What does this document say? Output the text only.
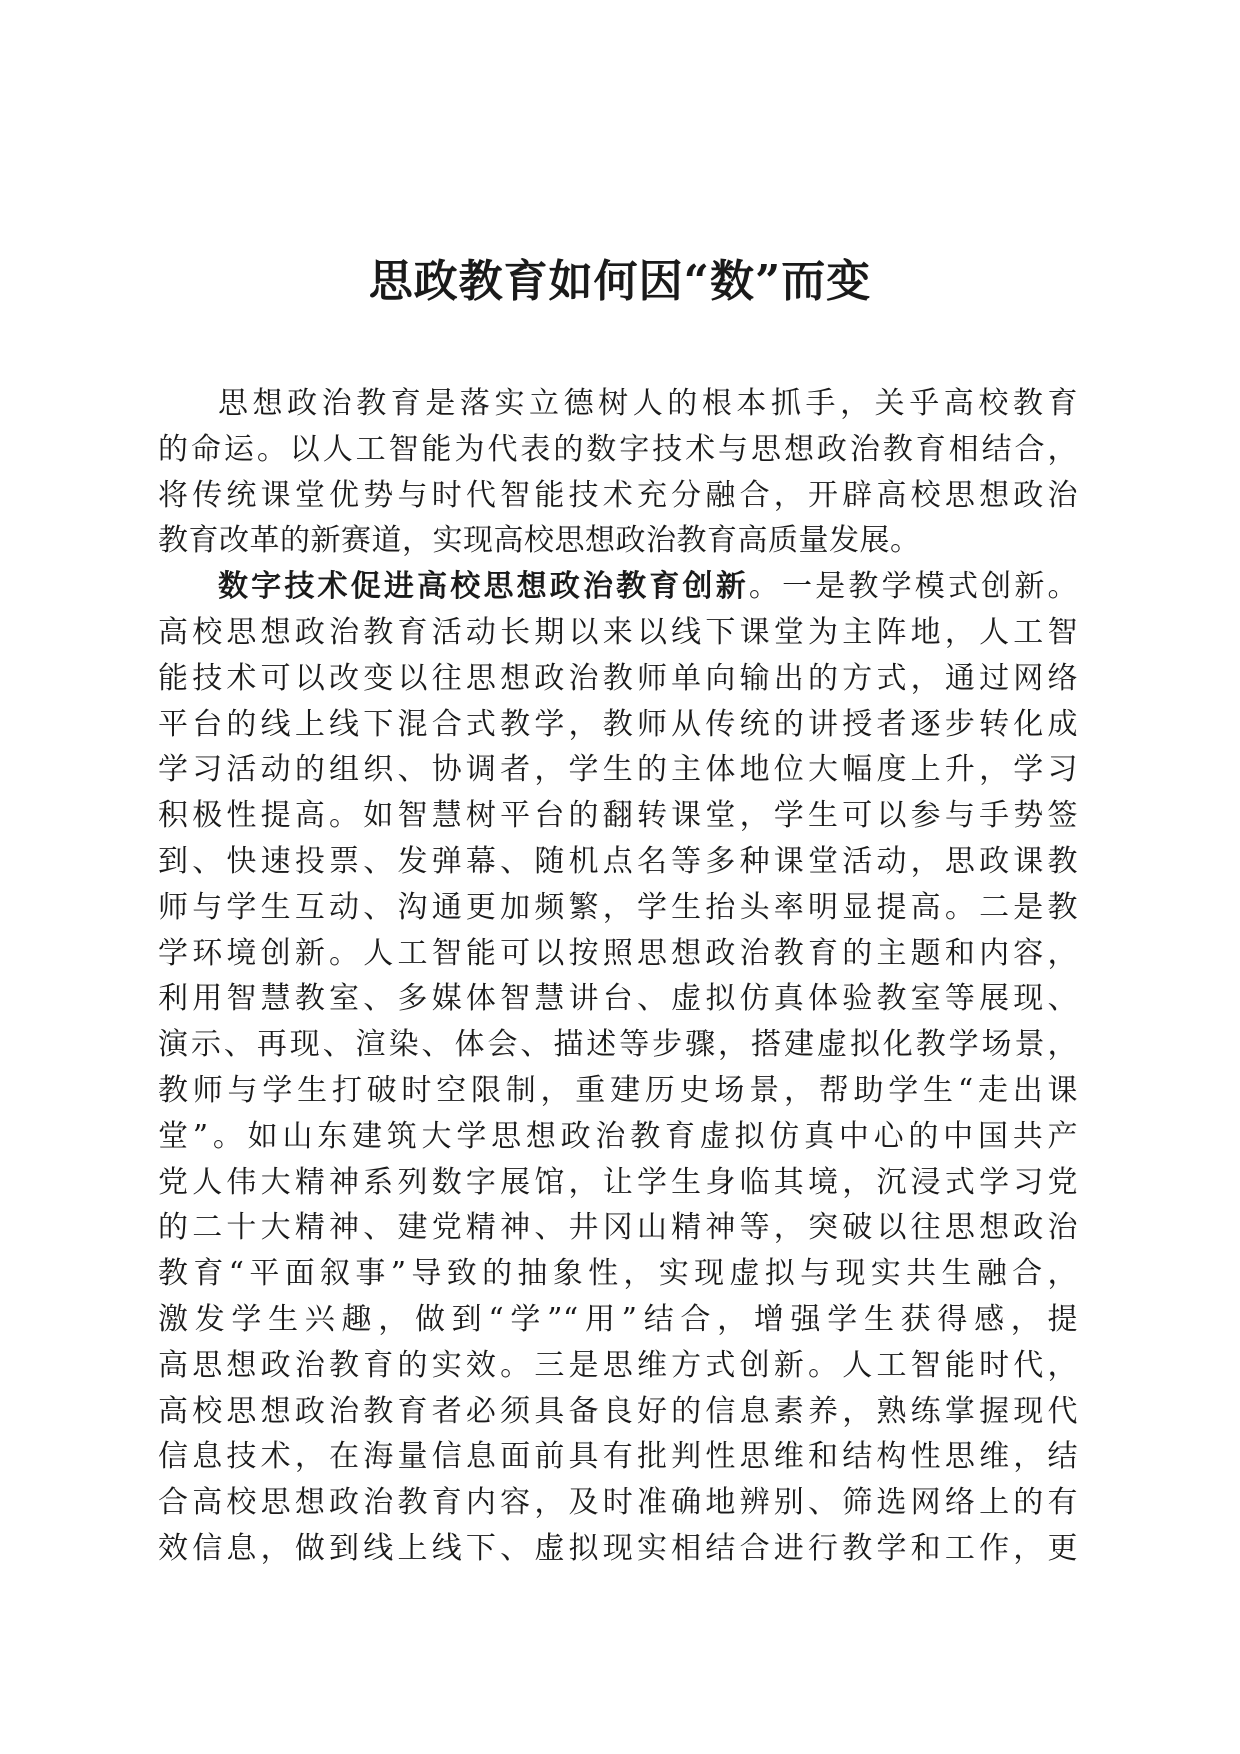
思政教育如何因“数”而变
思想政治教育是落实立德树人的根本抓手，关乎高校教育
的命运。以人工智能为代表的数字技术与思想政治教育相结合，
将传统课堂优势与时代智能技术充分融合，开辟高校思想政治
教育改革的新赛道，实现高校思想政治教育高质量发展。
数字技术促进高校思想政治教育创新。一是教学模式创新。
高校思想政治教育活动长期以来以线下课堂为主阵地，人工智
能技术可以改变以往思想政治教师单向输出的方式，通过网络
平台的线上线下混合式教学，教师从传统的讲授者逐步转化成
学习活动的组织、协调者，学生的主体地位大幅度上升，学习
积极性提高。如智慧树平台的翻转课堂，学生可以参与手势签
到、快速投票、发弹幕、随机点名等多种课堂活动，思政课教
师与学生互动、沟通更加频繁，学生抬头率明显提高。二是教
学环境创新。人工智能可以按照思想政治教育的主题和内容，
利用智慧教室、多媒体智慧讲台、虚拟仿真体验教室等展现、
演示、再现、渲染、体会、描述等步骤，搭建虚拟化教学场景，
教师与学生打破时空限制，重建历史场景，帮助学生“走出课
堂”。如山东建筑大学思想政治教育虚拟仿真中心的中国共产
党人伟大精神系列数字展馆，让学生身临其境，沉浸式学习党
的二十大精神、建党精神、井冈山精神等，突破以往思想政治
教育“平面叙事”导致的抽象性，实现虚拟与现实共生融合，
激发学生兴趣，做到“学”“用”结合，增强学生获得感，提
高思想政治教育的实效。三是思维方式创新。人工智能时代，
高校思想政治教育者必须具备良好的信息素养，熟练掌握现代
信息技术，在海量信息面前具有批判性思维和结构性思维，结
合高校思想政治教育内容，及时准确地辨别、筛选网络上的有
效信息，做到线上线下、虚拟现实相结合进行教学和工作，更
